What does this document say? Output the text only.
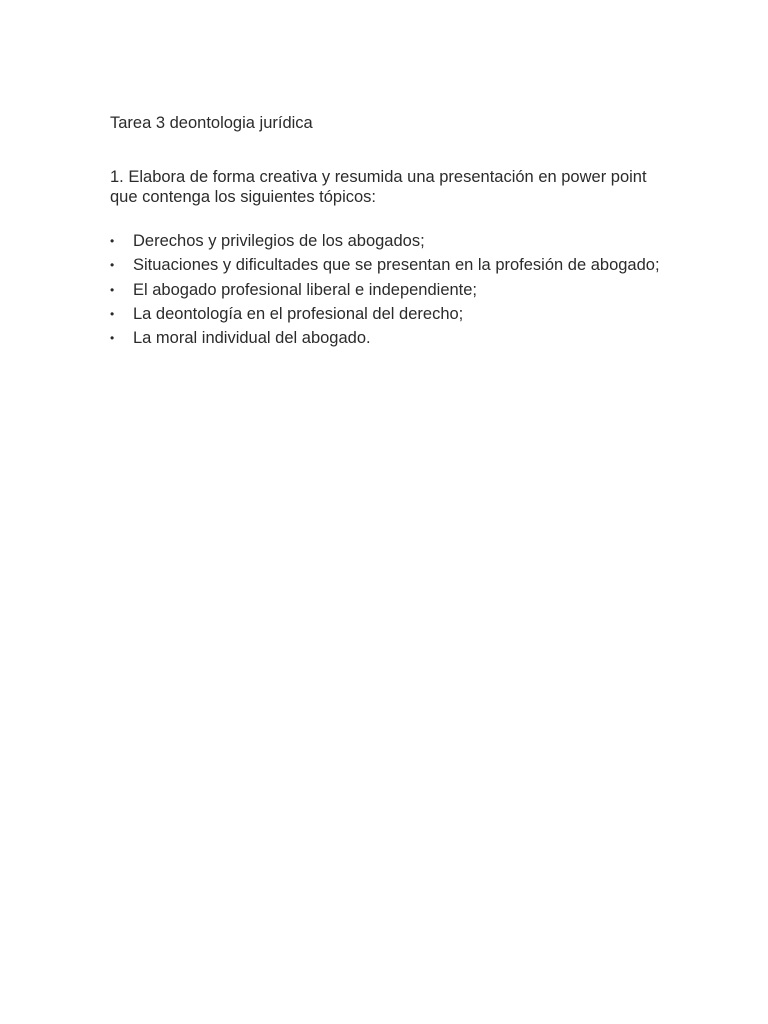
Tarea 3 deontologia jurídica

1. Elabora de forma creativa y resumida una presentación en power point que contenga los siguientes tópicos:

•	Derechos y privilegios de los abogados;
•	Situaciones y dificultades que se presentan en la profesión de abogado;
•	El abogado profesional liberal e independiente;
•	La deontología en el profesional del derecho;
•	La moral individual del abogado.
